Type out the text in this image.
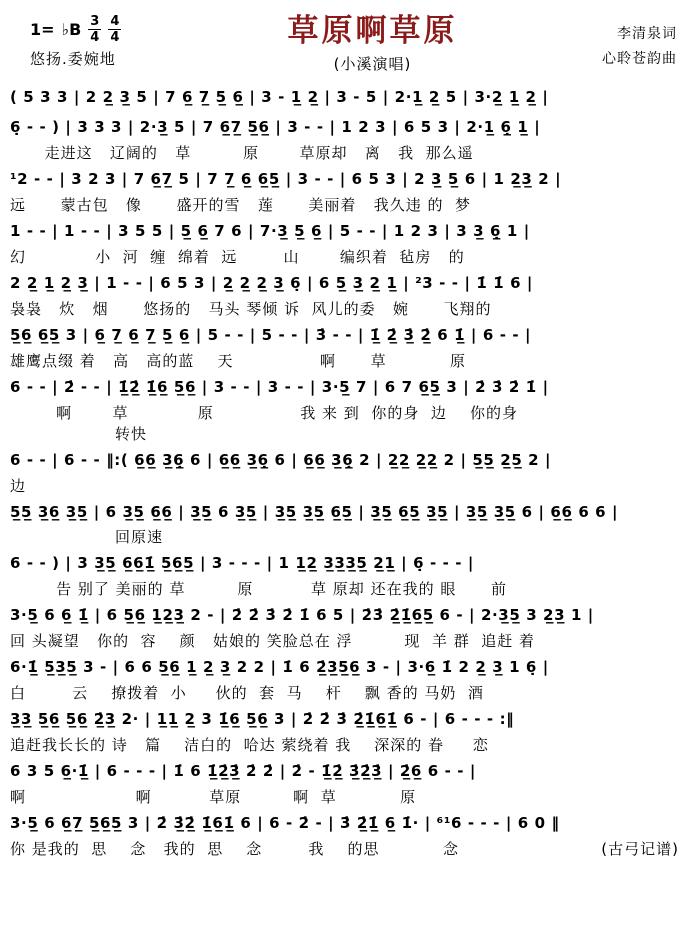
1= ♭B $\frac{3}{4} \frac{4}{4}$
悠扬.委婉地
草原啊草原
(小溪演唱)
李清泉词
心聆苍韵曲
( 5 3 3 | 2 2̲ 3̲ 5 | 7 6̲ 7̲ 5̲ 6̲ | 3 - 1̲ 2̲ | 3 - 5 | 2·1̲ 2̲ 5 | 3·2̲ 1̲ 2̲ |
6̣ - - ) | 3 3 3 | 2·3̲ 5 | 7 6̲7̲ 5̲6̲ | 3 - - | 1 2 3 | 6 5 3 | 2·1̲ 6̲̣ 1̲ |
走进这   辽阔的   草         原       草原却   离   我  那么遥
¹2 - - | 3 2 3 | 7 6̲7̲ 5 | 7 7̲ 6̲ 6̲5̲ | 3 - - | 6 5 3 | 2 3̲ 5̲ 6 | 1 2̲3̲ 2 |
远      蒙古包   像      盛开的雪   莲      美丽着   我久违 的  梦
1 - - | 1 - - | 3 5 5 | 5̲ 6̲ 7 6 | 7·3̲ 5̲ 6̲ | 5 - - | 1 2 3 | 3 3̲ 6̲̣ 1 |
幻            小  河  缠  绵着  远        山       编织着  毡房   的
2 2̲ 1̲ 2̲ 3̲ | 1 - - | 6 5 3 | 2̲ 2̲ 2̲ 3̲ 6̣ | 6 5̲ 3̲ 2̲ 1̲ | ²3 - - | 1̇ 1̇ 6 |
袅袅   炊   烟      悠扬的   马头 琴倾 诉  风儿的委   婉      飞翔的
5̲6̲ 6̲5̲ 3 | 6̲ 7̲ 6̲ 7̲ 5̲ 6̲ | 5 - - | 5 - - | 3̇ - - | 1̲̇ 2̲̇ 3̲̇ 2̲̇ 6 1̲̇ | 6 - - |
雄鹰点缀 着   高   高的蓝    天               啊      草           原
6 - - | 2̇ - - | 1̲̇2̲̇ 1̲̇6̲ 5̲6̲ | 3 - - | 3 - - | 3·5̲ 7 | 6 7 6̲5̲ 3 | 2̇ 3̇ 2̇ 1̇ |
啊       草            原               我 来 到  你的身  边    你的身
转快
6 - - | 6 - - ‖:( 6̲6̲ 3̲6̲̣ 6 | 6̲6̲ 3̲6̲̣ 6 | 6̲6̲ 3̲6̲̣ 2 | 2̲2̲ 2̲2̲ 2 | 5̲5̲ 2̲5̲ 2 |
边
5̲5̲ 3̲6̲ 3̲5̲ | 6 3̲5̲ 6̲6̲ | 3̲5̲ 6 3̲5̲ | 3̲5̲ 3̲5̲ 6̲5̲ | 3̲5̲ 6̲5̲ 3̲5̲ | 3̲5̲ 3̲5̲ 6 | 6̲6̲ 6 6 |
回原速
6 - - ) | 3 3̲5̲ 6̲6̲1̲̇ 5̲6̲5̲ | 3 - - - | 1 1̲2̲ 3̲3̲3̲5̲ 2̲1̲ | 6̣ - - - |
告 别了 美丽的 草         原          草 原却 还在我的 眼      前
3·5̲ 6 6̲ 1̲̇ | 6 5̲6̲ 1̲2̲3̲ 2 - | 2̇ 2̇ 3̇ 2̇ 1̇ 6 5 | 2̇3̇ 2̲̇1̲̇6̲5̲ 6 - | 2·3̲5̲ 3 2̲3̲ 1 |
回 头凝望   你的  容    颜   姑娘的 笑脸总在 浮         现  羊 群  追赶 着
6·1̲̇ 5̲3̲5̲ 3 - | 6 6 5̲6̲ 1̲ 2̲ 3̲ 2 2 | 1̇ 6 2̲̇3̲5̲6̲ 3 - | 3·6̲ 1̇ 2 2̲ 3̲ 1 6̣ |
白        云    撩拨着  小     伙的  套  马    杆    飘 香的 马奶  酒
3̲3̲ 5̲6̲ 5̲6̲ 2̲̇3̲ 2· | 1̲1̲ 2̲ 3 1̲̇6̲ 5̲6̲ 3 | 2̇ 2̇ 3̇ 2̲̇1̲̇6̲1̲̇ 6 - | 6 - - - :‖
追赶我长长的 诗   篇    洁白的  哈达 萦绕着 我    深深的 眷     恋
6 3 5 6̲·1̲̇ | 6 - - - | 1̇ 6 1̲̇2̲̇3̲̇ 2̇ 2̇ | 2̇ - 1̲̇2̲̇ 3̲̇2̲̇3̲̇ | 2̲̇6̲ 6 - - |
啊                   啊          草原         啊  草           原
3·5̲ 6 6̲7̲ 5̲6̲5̲ 3 | 2̇ 3̲̇2̲̇ 1̲̇6̲1̲̇ 6 | 6 - 2̇ - | 3̇ 2̲̇1̲̇ 6̲ 1̇· | ⁶¹6 - - - | 6 0 ‖
你 是我的  思    念   我的  思    念        我    的思           念	(古弓记谱)
